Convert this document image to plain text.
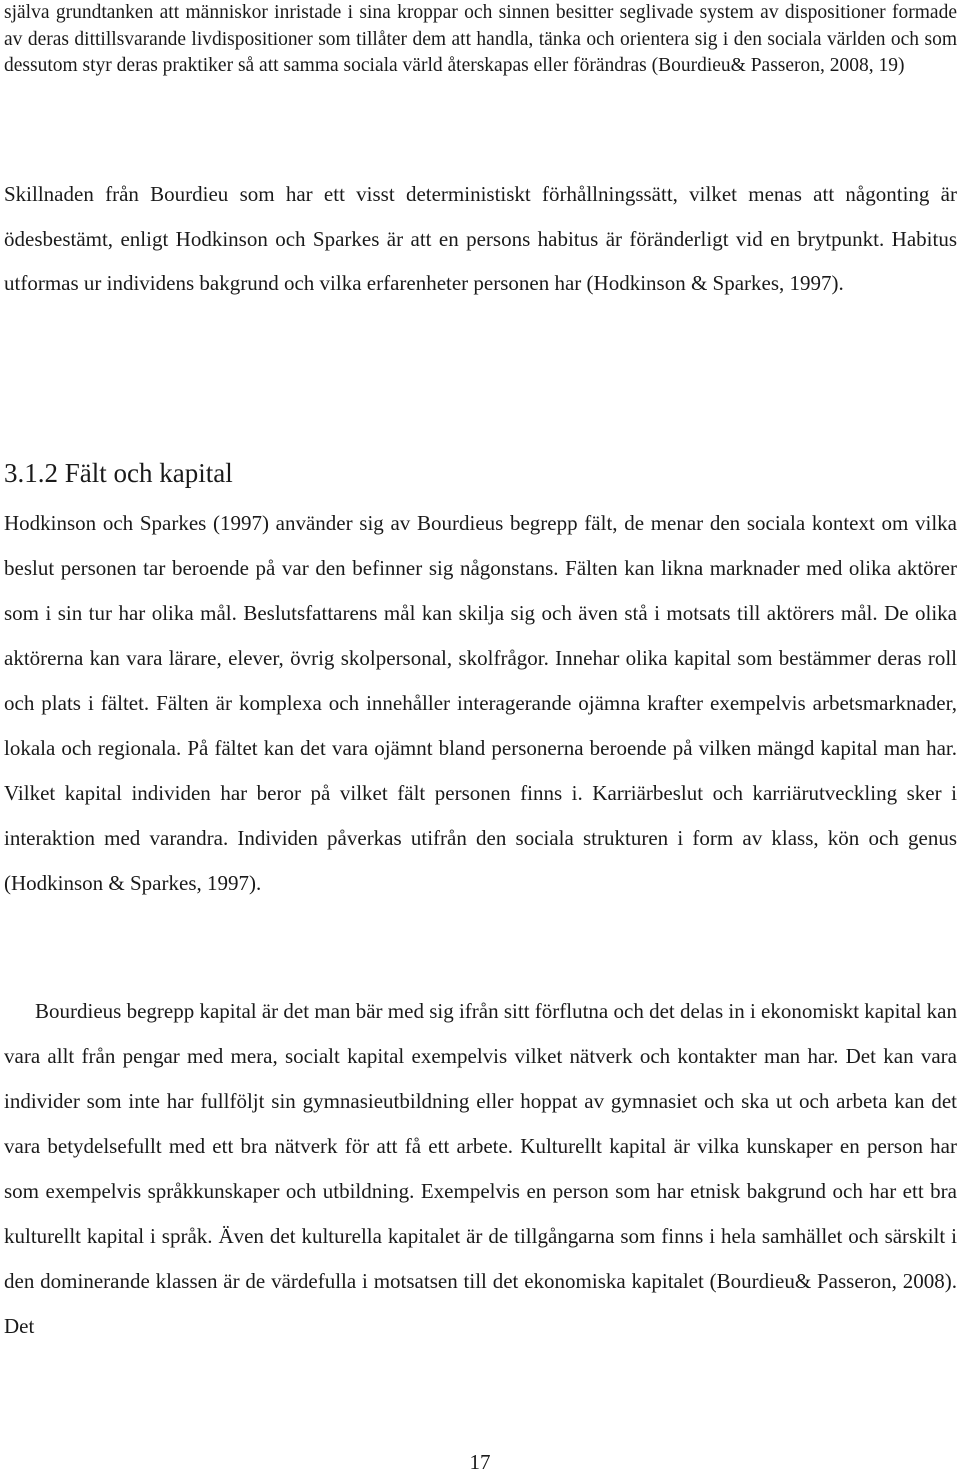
själva grundtanken att människor inristade i sina kroppar och sinnen besitter seglivade system av dispositioner formade av deras dittillsvarande livdispositioner som tillåter dem att handla, tänka och orientera sig i den sociala världen och som dessutom styr deras praktiker så att samma sociala värld återskapas eller förändras (Bourdieu& Passeron, 2008, 19)

Skillnaden från Bourdieu som har ett visst deterministiskt förhållningssätt, vilket menas att någonting är ödesbestämt, enligt Hodkinson och Sparkes är att en persons habitus är föränderligt vid en brytpunkt. Habitus utformas ur individens bakgrund och vilka erfarenheter personen har (Hodkinson & Sparkes, 1997).

3.1.2 Fält och kapital

Hodkinson och Sparkes (1997) använder sig av Bourdieus begrepp fält, de menar den sociala kontext om vilka beslut personen tar beroende på var den befinner sig någonstans. Fälten kan likna marknader med olika aktörer som i sin tur har olika mål. Beslutsfattarens mål kan skilja sig och även stå i motsats till aktörers mål. De olika aktörerna kan vara lärare, elever, övrig skolpersonal, skolfrågor. Innehar olika kapital som bestämmer deras roll och plats i fältet. Fälten är komplexa och innehåller interagerande ojämna krafter exempelvis arbetsmarknader, lokala och regionala. På fältet kan det vara ojämnt bland personerna beroende på vilken mängd kapital man har. Vilket kapital individen har beror på vilket fält personen finns i. Karriärbeslut och karriärutveckling sker i interaktion med varandra. Individen påverkas utifrån den sociala strukturen i form av klass, kön och genus (Hodkinson & Sparkes, 1997).

Bourdieus begrepp kapital är det man bär med sig ifrån sitt förflutna och det delas in i ekonomiskt kapital kan vara allt från pengar med mera, socialt kapital exempelvis vilket nätverk och kontakter man har. Det kan vara individer som inte har fullföljt sin gymnasieutbildning eller hoppat av gymnasiet och ska ut och arbeta kan det vara betydelsefullt med ett bra nätverk för att få ett arbete. Kulturellt kapital är vilka kunskaper en person har som exempelvis språkkunskaper och utbildning. Exempelvis en person som har etnisk bakgrund och har ett bra kulturellt kapital i språk. Även det kulturella kapitalet är de tillgångarna som finns i hela samhället och särskilt i den dominerande klassen är de värdefulla i motsatsen till det ekonomiska kapitalet (Bourdieu& Passeron, 2008). Det

17
